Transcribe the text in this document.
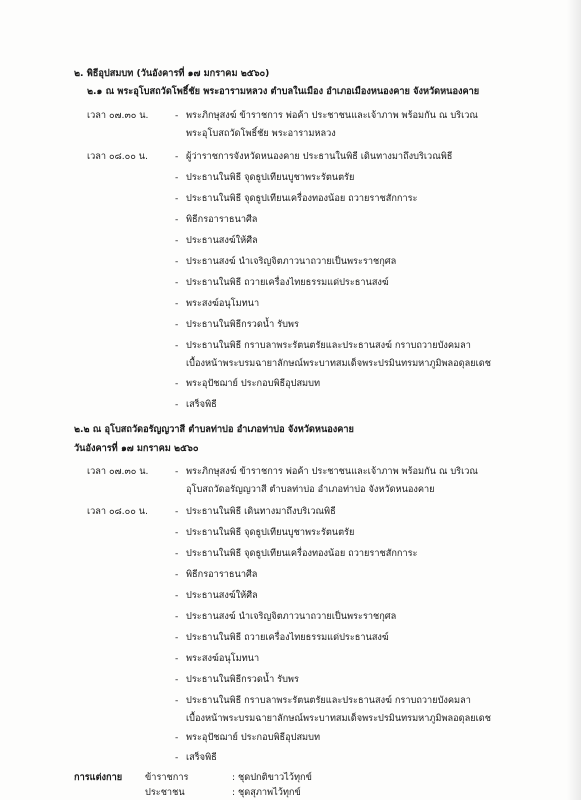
๒. พิธีอุปสมบท (วันอังคารที่ ๑๗ มกราคม ๒๕๖๐)
๒.๑ ณ พระอุโบสถวัดโพธิ์ชัย พระอารามหลวง ตำบลในเมือง อำเภอเมืองหนองคาย จังหวัดหนองคาย
เวลา ๐๗.๓๐ น.	- พระภิกษุสงฆ์ ข้าราชการ พ่อค้า ประชาชนและเจ้าภาพ พร้อมกัน ณ บริเวณ
พระอุโบสถวัดโพธิ์ชัย พระอารามหลวง
เวลา ๐๘.๐๐ น.	- ผู้ว่าราชการจังหวัดหนองคาย ประธานในพิธี เดินทางมาถึงบริเวณพิธี
- ประธานในพิธี จุดธูปเทียนบูชาพระรัตนตรัย
- ประธานในพิธี จุดธูปเทียนเครื่องทองน้อย ถวายราชสักการะ
- พิธีกรอาราธนาศีล
- ประธานสงฆ์ให้ศีล
- ประธานสงฆ์ นำเจริญจิตภาวนาถวายเป็นพระราชกุศล
- ประธานในพิธี ถวายเครื่องไทยธรรมแด่ประธานสงฆ์
- พระสงฆ์อนุโมทนา
- ประธานในพิธีกรวดน้ำ รับพร
- ประธานในพิธี กราบลาพระรัตนตรัยและประธานสงฆ์ กราบถวายบังคมลา
เบื้องหน้าพระบรมฉายาลักษณ์พระบาทสมเด็จพระปรมินทรมหาภูมิพลอดุลยเดช
- พระอุปัชฌาย์ ประกอบพิธีอุปสมบท
- เสร็จพิธี
๒.๒ ณ อุโบสถวัดอรัญญวาสี ตำบลท่าบ่อ อำเภอท่าบ่อ จังหวัดหนองคาย
วันอังคารที่ ๑๗ มกราคม ๒๕๖๐
เวลา ๐๗.๓๐ น.	- พระภิกษุสงฆ์ ข้าราชการ พ่อค้า ประชาชนและเจ้าภาพ พร้อมกัน ณ บริเวณ
อุโบสถวัดอรัญญวาสี ตำบลท่าบ่อ อำเภอท่าบ่อ จังหวัดหนองคาย
เวลา ๐๘.๐๐ น.	- ประธานในพิธี เดินทางมาถึงบริเวณพิธี
- ประธานในพิธี จุดธูปเทียนบูชาพระรัตนตรัย
- ประธานในพิธี จุดธูปเทียนเครื่องทองน้อย ถวายราชสักการะ
- พิธีกรอาราธนาศีล
- ประธานสงฆ์ให้ศีล
- ประธานสงฆ์ นำเจริญจิตภาวนาถวายเป็นพระราชกุศล
- ประธานในพิธี ถวายเครื่องไทยธรรมแด่ประธานสงฆ์
- พระสงฆ์อนุโมทนา
- ประธานในพิธีกรวดน้ำ รับพร
- ประธานในพิธี กราบลาพระรัตนตรัยและประธานสงฆ์ กราบถวายบังคมลา
เบื้องหน้าพระบรมฉายาลักษณ์พระบาทสมเด็จพระปรมินทรมหาภูมิพลอดุลยเดช
- พระอุปัชฌาย์ ประกอบพิธีอุปสมบท
- เสร็จพิธี
การแต่งกาย ข้าราชการ	: ชุดปกติขาวไว้ทุกข์
ประชาชน	: ชุดสุภาพไว้ทุกข์
